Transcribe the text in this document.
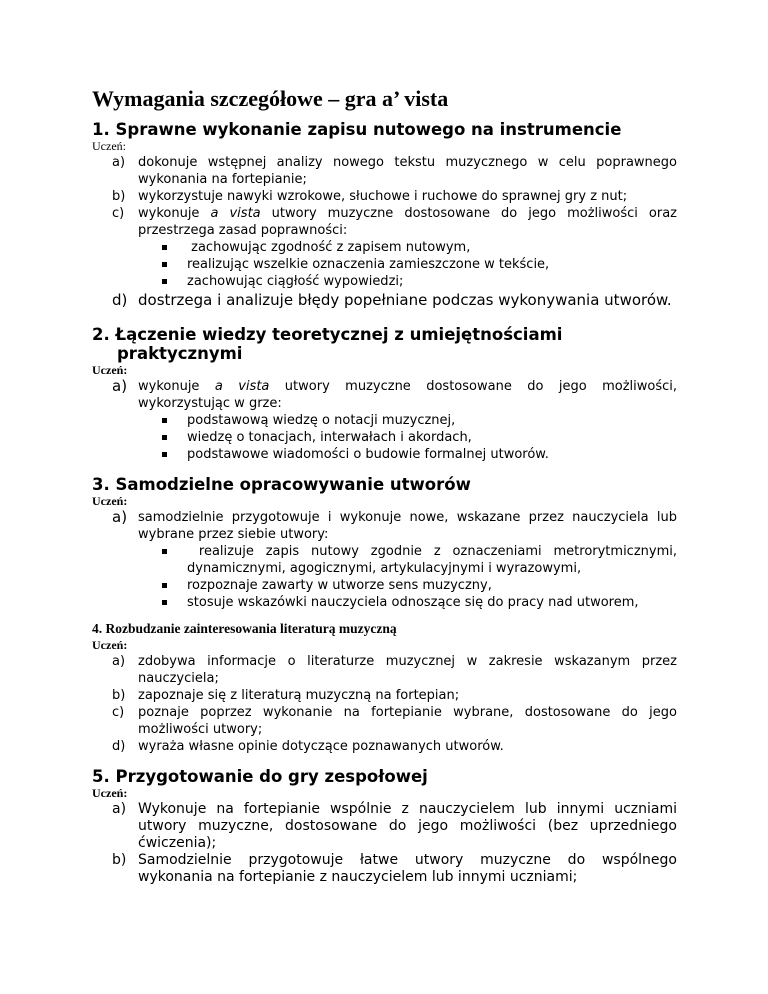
Wymagania szczegółowe – gra a’ vista
1. Sprawne wykonanie zapisu nutowego na instrumencie

Uczeń:

a) dokonuje wstępnej analizy nowego tekstu muzycznego w celu poprawnego wykonania na fortepianie;
b) wykorzystuje nawyki wzrokowe, słuchowe i ruchowe do sprawnej gry z nut;
c) wykonuje a vista utwory muzyczne dostosowane do jego możliwości oraz przestrzega zasad poprawności:
zachowując zgodność z zapisem nutowym,
realizując wszelkie oznaczenia zamieszczone w tekście,
zachowując ciągłość wypowiedzi;
d) dostrzega i analizuje błędy popełniane podczas wykonywania utworów.
2. Łączenie wiedzy teoretycznej z umiejętnościami
praktycznymi

Uczeń:

a) wykonuje a vista utwory muzyczne dostosowane do jego możliwości, wykorzystując w grze:
podstawową wiedzę o notacji muzycznej,
wiedzę o tonacjach, interwałach i akordach,
podstawowe wiadomości o budowie formalnej utworów.
3. Samodzielne opracowywanie utworów

Uczeń:

a) samodzielnie przygotowuje i wykonuje nowe, wskazane przez nauczyciela lub wybrane przez siebie utwory:
realizuje zapis nutowy zgodnie z oznaczeniami metrorytmicznymi, dynamicznymi, agogicznymi, artykulacyjnymi i wyrazowymi,
rozpoznaje zawarty w utworze sens muzyczny,
stosuje wskazówki nauczyciela odnoszące się do pracy nad utworem,
4. Rozbudzanie zainteresowania literaturą muzyczną

Uczeń:

a) zdobywa informacje o literaturze muzycznej w zakresie wskazanym przez nauczyciela;
b) zapoznaje się z literaturą muzyczną na fortepian;
c) poznaje poprzez wykonanie na fortepianie wybrane, dostosowane do jego możliwości utwory;
d) wyraża własne opinie dotyczące poznawanych utworów.
5. Przygotowanie do gry zespołowej

Uczeń:

a) Wykonuje na fortepianie wspólnie z nauczycielem lub innymi uczniami utwory muzyczne, dostosowane do jego możliwości (bez uprzedniego ćwiczenia);
b) Samodzielnie przygotowuje łatwe utwory muzyczne do wspólnego wykonania na fortepianie z nauczycielem lub innymi uczniami;
